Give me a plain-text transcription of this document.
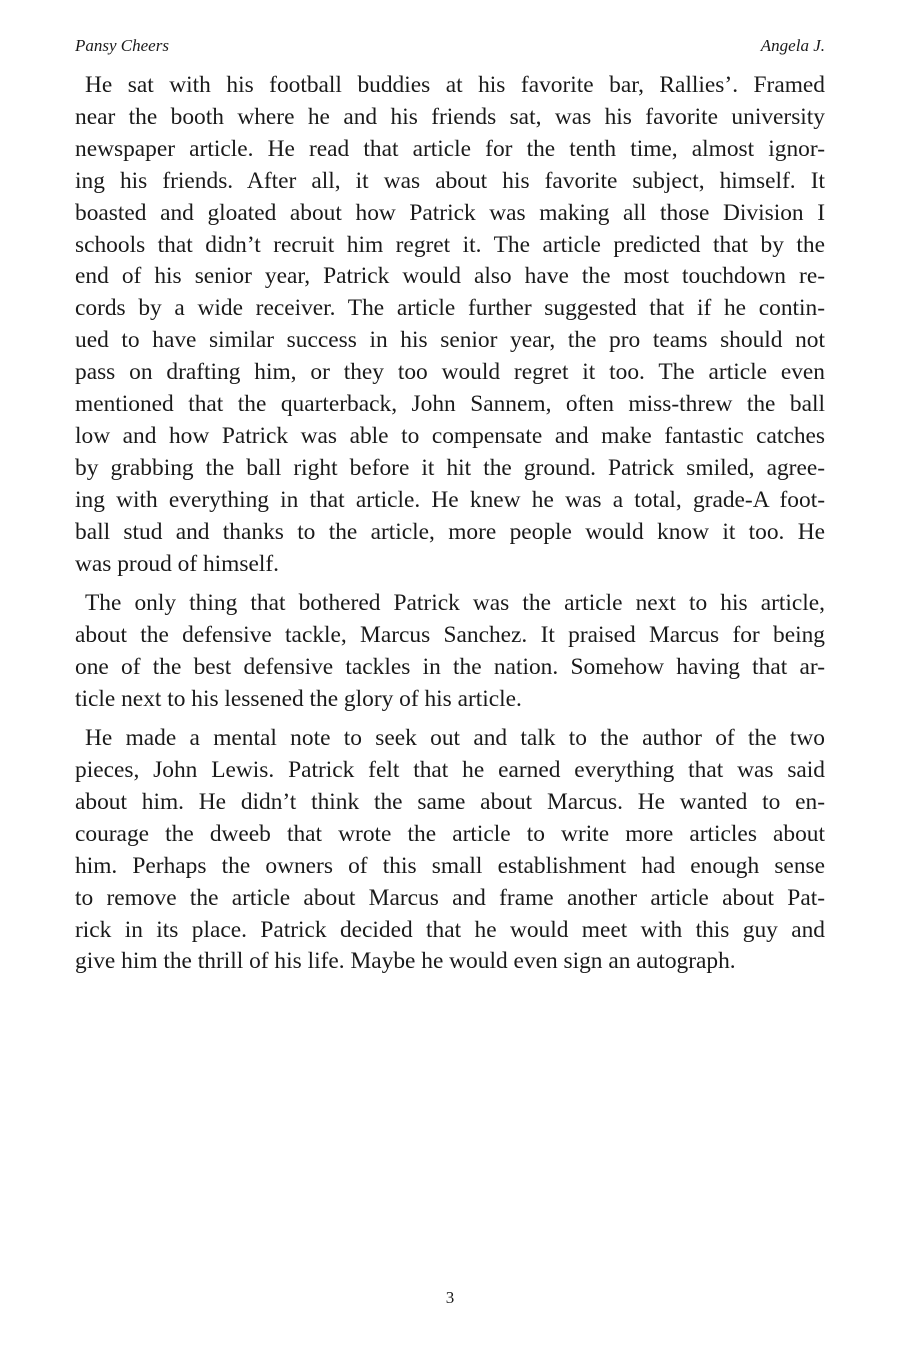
Pansy Cheers	Angela J.
He sat with his football buddies at his favorite bar, Rallies’. Framed
near the booth where he and his friends sat, was his favorite university
newspaper article. He read that article for the tenth time, almost ignor-
ing his friends. After all, it was about his favorite subject, himself. It
boasted and gloated about how Patrick was making all those Division I
schools that didn’t recruit him regret it. The article predicted that by the
end of his senior year, Patrick would also have the most touchdown re-
cords by a wide receiver. The article further suggested that if he contin-
ued to have similar success in his senior year, the pro teams should not
pass on drafting him, or they too would regret it too. The article even
mentioned that the quarterback, John Sannem, often miss-threw the ball
low and how Patrick was able to compensate and make fantastic catches
by grabbing the ball right before it hit the ground. Patrick smiled, agree-
ing with everything in that article. He knew he was a total, grade-A foot-
ball stud and thanks to the article, more people would know it too. He
was proud of himself.
The only thing that bothered Patrick was the article next to his article,
about the defensive tackle, Marcus Sanchez. It praised Marcus for being
one of the best defensive tackles in the nation. Somehow having that ar-
ticle next to his lessened the glory of his article.
He made a mental note to seek out and talk to the author of the two
pieces, John Lewis. Patrick felt that he earned everything that was said
about him. He didn’t think the same about Marcus. He wanted to en-
courage the dweeb that wrote the article to write more articles about
him. Perhaps the owners of this small establishment had enough sense
to remove the article about Marcus and frame another article about Pat-
rick in its place. Patrick decided that he would meet with this guy and
give him the thrill of his life. Maybe he would even sign an autograph.
3
